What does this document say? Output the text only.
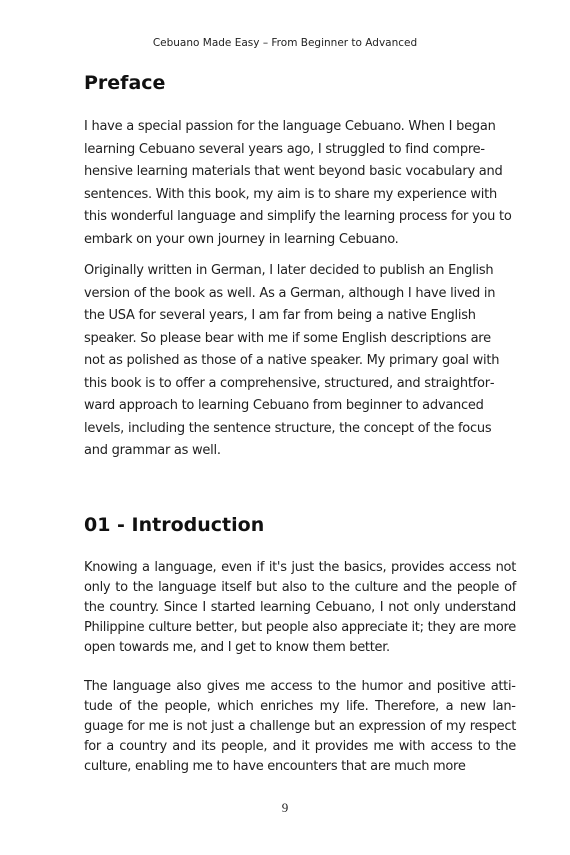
Cebuano Made Easy – From Beginner to Advanced
Preface

I have a special passion for the language Cebuano. When I began learning Cebuano several years ago, I struggled to find comprehensive learning materials that went beyond basic vocabulary and sentences. With this book, my aim is to share my experience with this wonderful language and simplify the learning process for you to embark on your own journey in learning Cebuano.

Originally written in German, I later decided to publish an English version of the book as well. As a German, although I have lived in the USA for several years, I am far from being a native English speaker. So please bear with me if some English descriptions are not as polished as those of a native speaker. My primary goal with this book is to offer a comprehensive, structured, and straightforward approach to learning Cebuano from beginner to advanced levels, including the sentence structure, the concept of the focus and grammar as well.

01 - Introduction

Knowing a language, even if it's just the basics, provides access not only to the language itself but also to the culture and the people of the country. Since I started learning Cebuano, I not only understand Philippine culture better, but people also appreciate it; they are more open towards me, and I get to know them better.

The language also gives me access to the humor and positive attitude of the people, which enriches my life. Therefore, a new language for me is not just a challenge but an expression of my respect for a country and its people, and it provides me with access to the culture, enabling me to have encounters that are much more

9
